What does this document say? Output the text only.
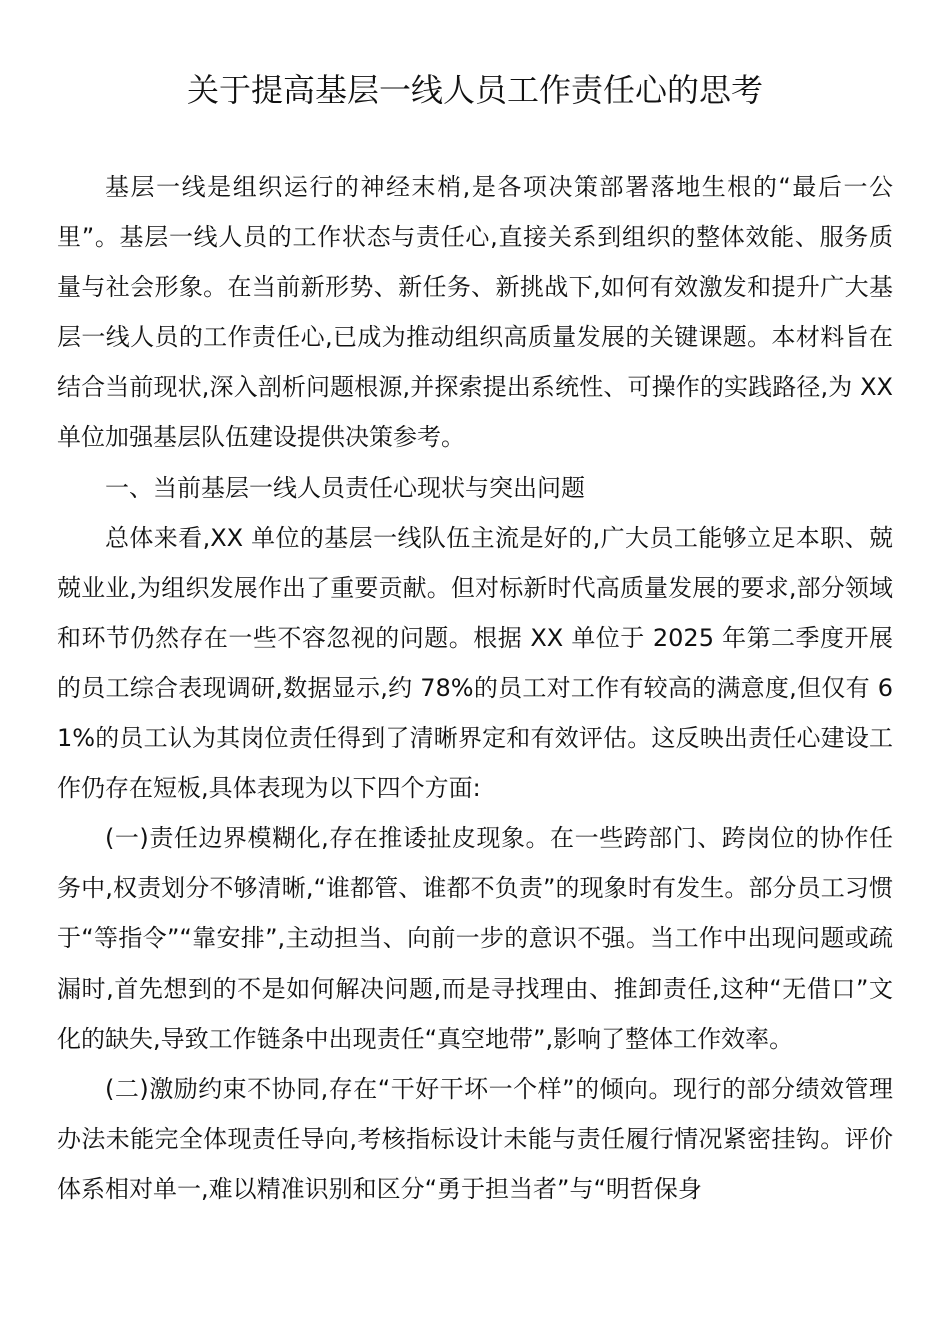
关于提高基层一线人员工作责任心的思考

基层一线是组织运行的神经末梢,是各项决策部署落地生根的“最后一公里”。基层一线人员的工作状态与责任心,直接关系到组织的整体效能、服务质量与社会形象。在当前新形势、新任务、新挑战下,如何有效激发和提升广大基层一线人员的工作责任心,已成为推动组织高质量发展的关键课题。本材料旨在结合当前现状,深入剖析问题根源,并探索提出系统性、可操作的实践路径,为 XX 单位加强基层队伍建设提供决策参考。

一、当前基层一线人员责任心现状与突出问题

总体来看,XX 单位的基层一线队伍主流是好的,广大员工能够立足本职、兢兢业业,为组织发展作出了重要贡献。但对标新时代高质量发展的要求,部分领域和环节仍然存在一些不容忽视的问题。根据 XX 单位于 2025 年第二季度开展的员工综合表现调研,数据显示,约 78%的员工对工作有较高的满意度,但仅有 61%的员工认为其岗位责任得到了清晰界定和有效评估。这反映出责任心建设工作仍存在短板,具体表现为以下四个方面:

(一)责任边界模糊化,存在推诿扯皮现象。在一些跨部门、跨岗位的协作任务中,权责划分不够清晰,“谁都管、谁都不负责”的现象时有发生。部分员工习惯于“等指令”“靠安排”,主动担当、向前一步的意识不强。当工作中出现问题或疏漏时,首先想到的不是如何解决问题,而是寻找理由、推卸责任,这种“无借口”文化的缺失,导致工作链条中出现责任“真空地带”,影响了整体工作效率。

(二)激励约束不协同,存在“干好干坏一个样”的倾向。现行的部分绩效管理办法未能完全体现责任导向,考核指标设计未能与责任履行情况紧密挂钩。评价体系相对单一,难以精准识别和区分“勇于担当者”与“明哲保身
